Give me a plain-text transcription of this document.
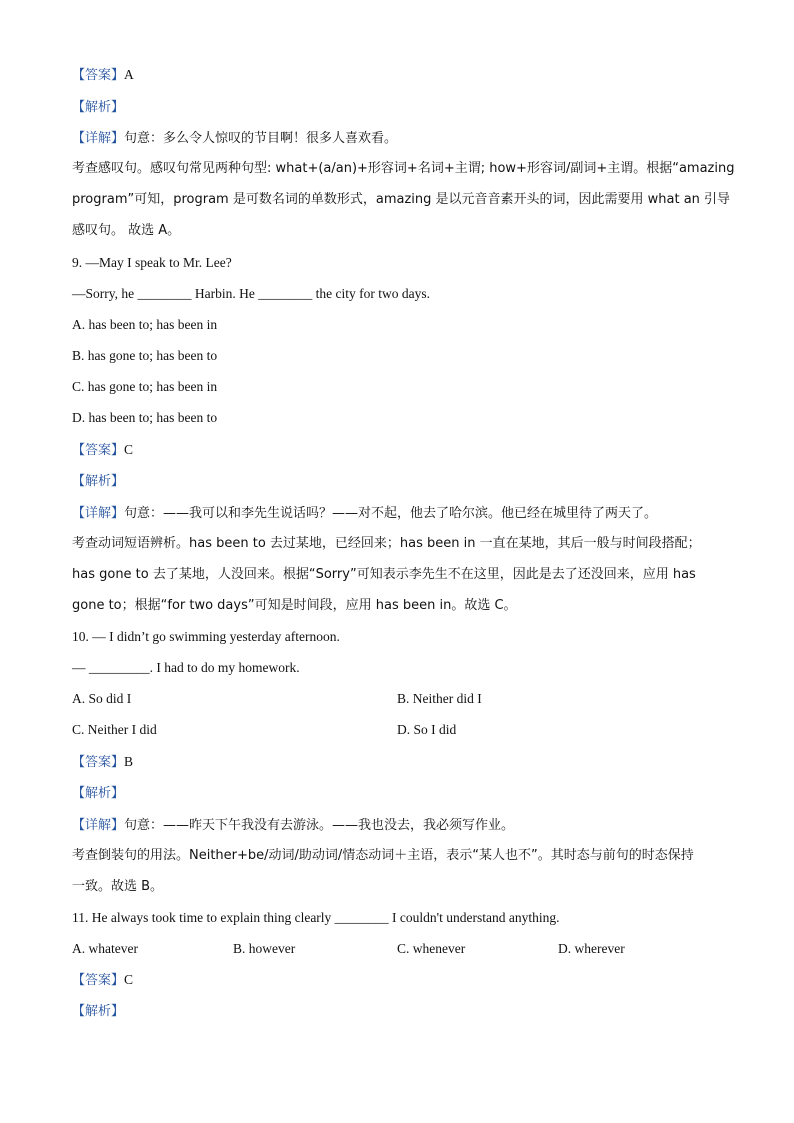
【答案】A
【解析】
【详解】句意：多么令人惊叹的节目啊！很多人喜欢看。
考查感叹句。感叹句常见两种句型: what+(a/an)+形容词+名词+主谓; how+形容词/副词+主谓。根据“amazing
program”可知，program 是可数名词的单数形式，amazing 是以元音音素开头的词，因此需要用 what an 引导
感叹句。 故选 A。
9. —May I speak to Mr. Lee?
—Sorry, he ________ Harbin. He ________ the city for two days.
A. has been to; has been in
B. has gone to; has been to
C. has gone to; has been in
D. has been to; has been to
【答案】C
【解析】
【详解】句意：——我可以和李先生说话吗？——对不起，他去了哈尔滨。他已经在城里待了两天了。
考查动词短语辨析。has been to 去过某地，已经回来；has been in 一直在某地，其后一般与时间段搭配；
has gone to 去了某地，人没回来。根据“Sorry”可知表示李先生不在这里，因此是去了还没回来，应用 has
gone to；根据“for two days”可知是时间段，应用 has been in。故选 C。
10. — I didn’t go swimming yesterday afternoon.
— _________. I had to do my homework.
A. So did I	B. Neither did I
C. Neither I did	D. So I did
【答案】B
【解析】
【详解】句意：——昨天下午我没有去游泳。——我也没去，我必须写作业。
考查倒装句的用法。Neither+be/动词/助动词/情态动词＋主语，表示“某人也不”。其时态与前句的时态保持
一致。故选 B。
11. He always took time to explain thing clearly ________ I couldn't understand anything.
A. whatever	B. however	C. whenever	D. wherever
【答案】C
【解析】
